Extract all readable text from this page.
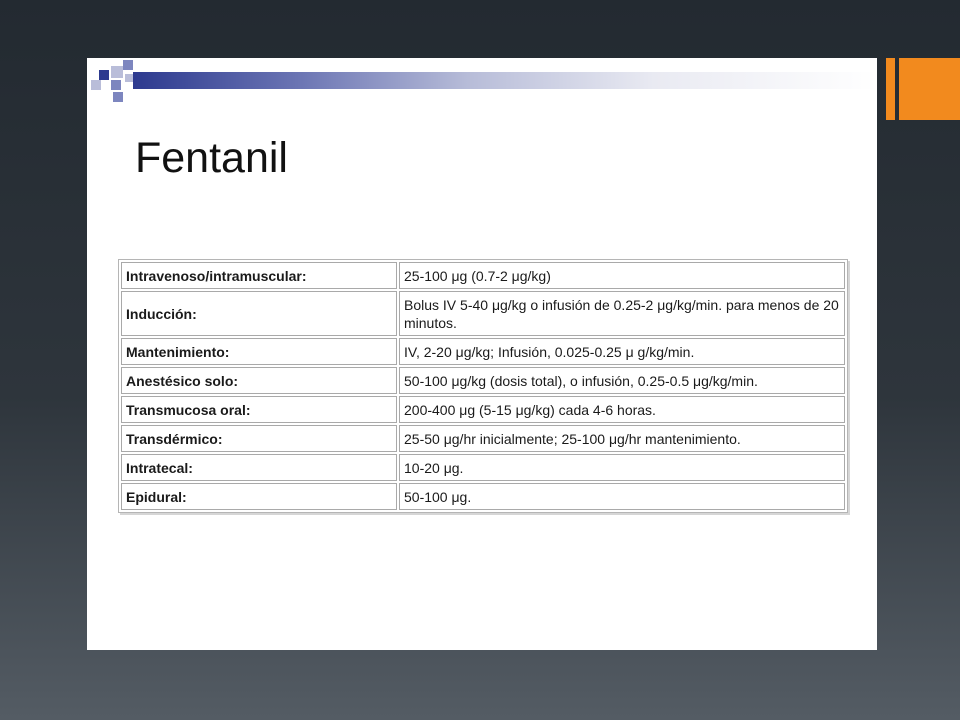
Fentanil
Intravenoso/intramuscular:	25-100 μg (0.7-2 μg/kg)
Inducción:	Bolus IV 5-40 μg/kg o infusión de 0.25-2 μg/kg/min. para menos de 20 minutos.
Mantenimiento:	IV, 2-20 μg/kg; Infusión, 0.025-0.25 μ g/kg/min.
Anestésico solo:	50-100 μg/kg (dosis total), o infusión, 0.25-0.5 μg/kg/min.
Transmucosa oral:	200-400 μg (5-15 μg/kg) cada 4-6 horas.
Transdérmico:	25-50 μg/hr inicialmente; 25-100 μg/hr mantenimiento.
Intratecal:	10-20 μg.
Epidural:	50-100 μg.
